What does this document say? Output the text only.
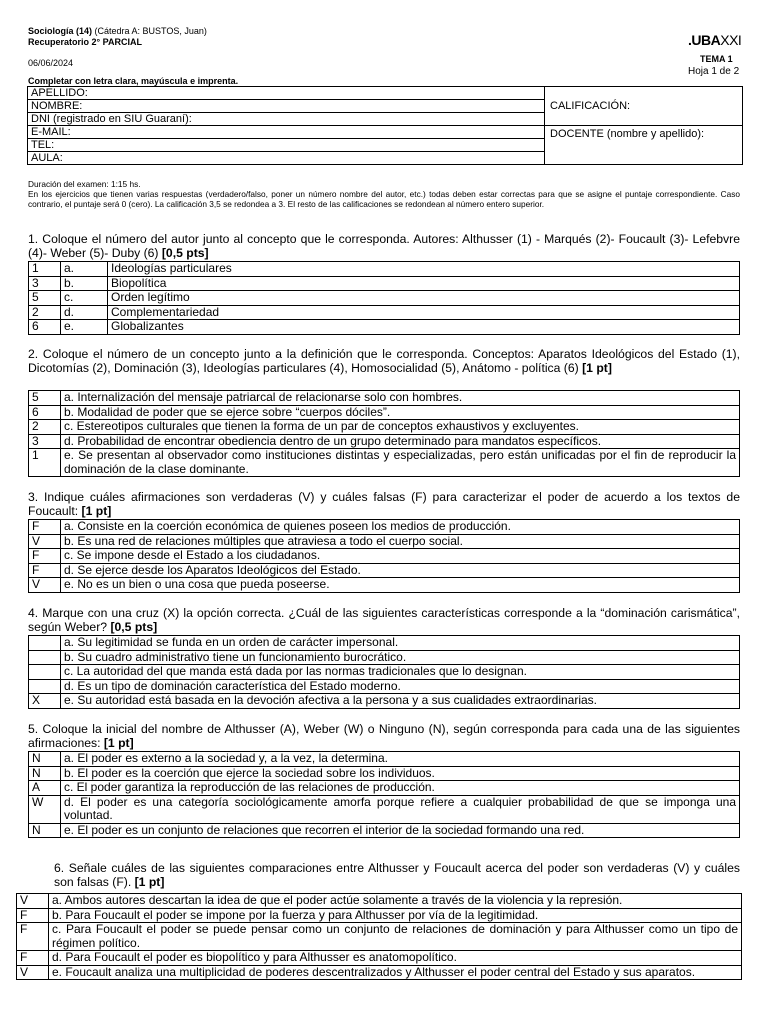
Sociología (14) (Cátedra A: BUSTOS, Juan)
Recuperatorio 2° PARCIAL
06/06/2024
Completar con letra clara, mayúscula e imprenta.
.UBAXXI
TEMA 1
Hoja 1 de 2
APELLIDO:	CALIFICACIÓN:
NOMBRE:	
DNI (registrado en SIU Guaraní):	
E-MAIL:	DOCENTE (nombre y apellido):
TEL:	
AULA:	
Duración del examen: 1:15 hs.
En los ejercicios que tienen varias respuestas (verdadero/falso, poner un número nombre del autor, etc.) todas deben estar correctas para que se asigne el puntaje correspondiente. Caso contrario, el puntaje será 0 (cero). La calificación 3,5 se redondea a 3. El resto de las calificaciones se redondean al número entero superior.
1. Coloque el número del autor junto al concepto que le corresponda. Autores: Althusser (1) - Marqués (2)- Foucault (3)- Lefebvre (4)- Weber (5)- Duby (6) [0,5 pts]
1	a.	Ideologías particulares
3	b.	Biopolítica
5	c.	Orden legítimo
2	d.	Complementariedad
6	e.	Globalizantes
2. Coloque el número de un concepto junto a la definición que le corresponda. Conceptos: Aparatos Ideológicos del Estado (1), Dicotomías (2), Dominación (3), Ideologías particulares (4), Homosocialidad (5), Anátomo - política (6) [1 pt]
5	a. Internalización del mensaje patriarcal de relacionarse solo con hombres.
6	b. Modalidad de poder que se ejerce sobre “cuerpos dóciles”.
2	c. Estereotipos culturales que tienen la forma de un par de conceptos exhaustivos y excluyentes.
3	d. Probabilidad de encontrar obediencia dentro de un grupo determinado para mandatos específicos.
1	e. Se presentan al observador como instituciones distintas y especializadas, pero están unificadas por el fin de reproducir la dominación de la clase dominante.
3. Indique cuáles afirmaciones son verdaderas (V) y cuáles falsas (F) para caracterizar el poder de acuerdo a los textos de Foucault: [1 pt]
F	a. Consiste en la coerción económica de quienes poseen los medios de producción.
V	b. Es una red de relaciones múltiples que atraviesa a todo el cuerpo social.
F	c. Se impone desde el Estado a los ciudadanos.
F	d. Se ejerce desde los Aparatos Ideológicos del Estado.
V	e. No es un bien o una cosa que pueda poseerse.
4. Marque con una cruz (X) la opción correcta. ¿Cuál de las siguientes características corresponde a la “dominación carismática”, según Weber? [0,5 pts]
	a. Su legitimidad se funda en un orden de carácter impersonal.
	b. Su cuadro administrativo tiene un funcionamiento burocrático.
	c. La autoridad del que manda está dada por las normas tradicionales que lo designan.
	d. Es un tipo de dominación característica del Estado moderno.
X	e. Su autoridad está basada en la devoción afectiva a la persona y a sus cualidades extraordinarias.
5. Coloque la inicial del nombre de Althusser (A), Weber (W) o Ninguno (N), según corresponda para cada una de las siguientes afirmaciones: [1 pt]
N	a. El poder es externo a la sociedad y, a la vez, la determina.
N	b. El poder es la coerción que ejerce la sociedad sobre los individuos.
A	c. El poder garantiza la reproducción de las relaciones de producción.
W	d. El poder es una categoría sociológicamente amorfa porque refiere a cualquier probabilidad de que se imponga una voluntad.
N	e. El poder es un conjunto de relaciones que recorren el interior de la sociedad formando una red.
6. Señale cuáles de las siguientes comparaciones entre Althusser y Foucault acerca del poder son verdaderas (V) y cuáles son falsas (F). [1 pt]
V	a. Ambos autores descartan la idea de que el poder actúe solamente a través de la violencia y la represión.
F	b. Para Foucault el poder se impone por la fuerza y para Althusser por vía de la legitimidad.
F	c. Para Foucault el poder se puede pensar como un conjunto de relaciones de dominación y para Althusser como un tipo de régimen político.
F	d. Para Foucault el poder es biopolítico y para Althusser es anatomopolítico.
V	e. Foucault analiza una multiplicidad de poderes descentralizados y Althusser el poder central del Estado y sus aparatos.
